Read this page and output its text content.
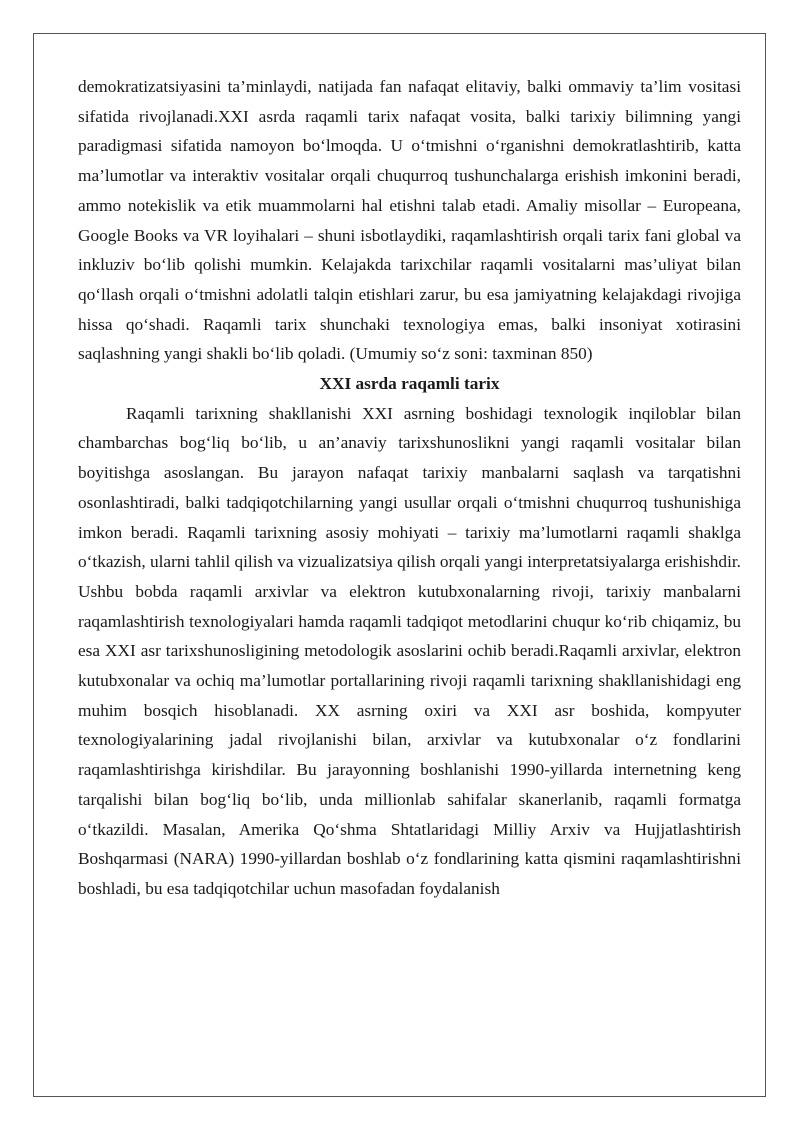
demokratizatsiyasini ta’minlaydi, natijada fan nafaqat elitaviy, balki ommaviy ta’lim vositasi sifatida rivojlanadi.XXI asrda raqamli tarix nafaqat vosita, balki tarixiy bilimning yangi paradigmasi sifatida namoyon bo‘lmoqda. U o‘tmishni o‘rganishni demokratlashtirib, katta ma’lumotlar va interaktiv vositalar orqali chuqurroq tushunchalarga erishish imkonini beradi, ammo notekislik va etik muammolarni hal etishni talab etadi. Amaliy misollar – Europeana, Google Books va VR loyihalari – shuni isbotlaydiki, raqamlashtirish orqali tarix fani global va inkluziv bo‘lib qolishi mumkin. Kelajakda tarixchilar raqamli vositalarni mas’uliyat bilan qo‘llash orqali o‘tmishni adolatli talqin etishlari zarur, bu esa jamiyatning kelajakdagi rivojiga hissa qo‘shadi. Raqamli tarix shunchaki texnologiya emas, balki insoniyat xotirasini saqlashning yangi shakli bo‘lib qoladi. (Umumiy so‘z soni: taxminan 850)

XXI asrda raqamli tarix

Raqamli tarixning shakllanishi XXI asrning boshidagi texnologik inqiloblar bilan chambarchas bog‘liq bo‘lib, u an’anaviy tarixshunoslikni yangi raqamli vositalar bilan boyitishga asoslangan. Bu jarayon nafaqat tarixiy manbalarni saqlash va tarqatishni osonlashtiradi, balki tadqiqotchilarning yangi usullar orqali o‘tmishni chuqurroq tushunishiga imkon beradi. Raqamli tarixning asosiy mohiyati – tarixiy ma’lumotlarni raqamli shaklga o‘tkazish, ularni tahlil qilish va vizualizatsiya qilish orqali yangi interpretatsiyalarga erishishdir. Ushbu bobda raqamli arxivlar va elektron kutubxonalarning rivoji, tarixiy manbalarni raqamlashtirish texnologiyalari hamda raqamli tadqiqot metodlarini chuqur ko‘rib chiqamiz, bu esa XXI asr tarixshunosligining metodologik asoslarini ochib beradi.Raqamli arxivlar, elektron kutubxonalar va ochiq ma’lumotlar portallarining rivoji raqamli tarixning shakllanishidagi eng muhim bosqich hisoblanadi. XX asrning oxiri va XXI asr boshida, kompyuter texnologiyalarining jadal rivojlanishi bilan, arxivlar va kutubxonalar o‘z fondlarini raqamlashtirishga kirishdilar. Bu jarayonning boshlanishi 1990-yillarda internetning keng tarqalishi bilan bog‘liq bo‘lib, unda millionlab sahifalar skanerlanib, raqamli formatga o‘tkazildi. Masalan, Amerika Qo‘shma Shtatlaridagi Milliy Arxiv va Hujjatlashtirish Boshqarmasi (NARA) 1990-yillardan boshlab o‘z fondlarining katta qismini raqamlashtirishni boshladi, bu esa tadqiqotchilar uchun masofadan foydalanish
